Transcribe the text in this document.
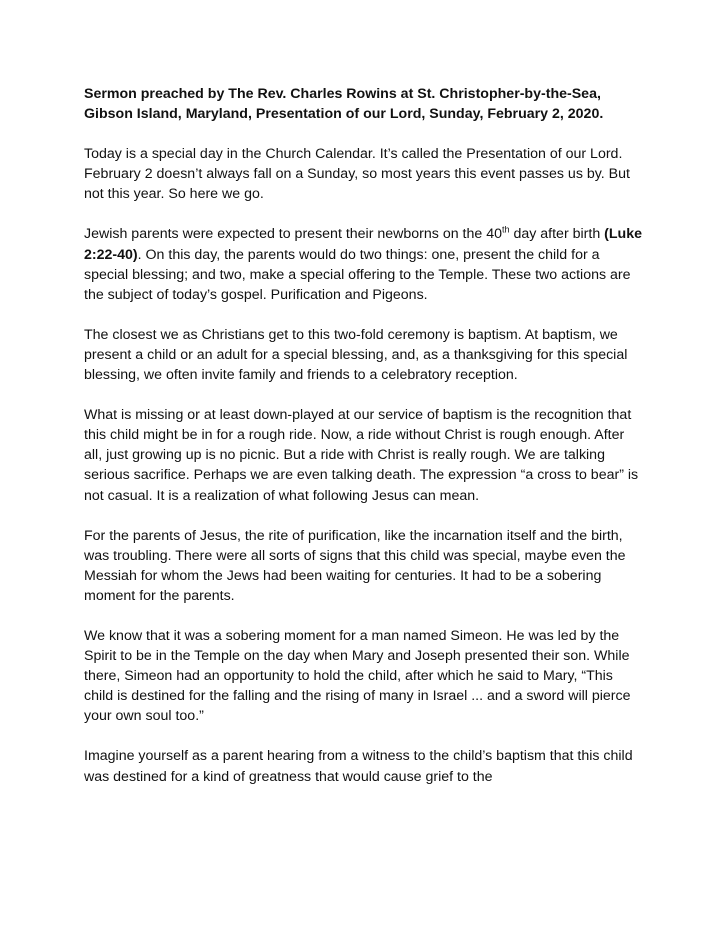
Sermon preached by The Rev. Charles Rowins at St. Christopher-by-the-Sea,
Gibson Island, Maryland, Presentation of our Lord, Sunday, February 2, 2020.

Today is a special day in the Church Calendar. It’s called the Presentation of our Lord. February 2 doesn’t always fall on a Sunday, so most years this event passes us by. But not this year. So here we go.

Jewish parents were expected to present their newborns on the 40th day after birth (Luke 2:22-40). On this day, the parents would do two things: one, present the child for a special blessing; and two, make a special offering to the Temple. These two actions are the subject of today’s gospel. Purification and Pigeons.

The closest we as Christians get to this two-fold ceremony is baptism. At baptism, we present a child or an adult for a special blessing, and, as a thanksgiving for this special blessing, we often invite family and friends to a celebratory reception.

What is missing or at least down-played at our service of baptism is the recognition that this child might be in for a rough ride. Now, a ride without Christ is rough enough. After all, just growing up is no picnic. But a ride with Christ is really rough. We are talking serious sacrifice. Perhaps we are even talking death. The expression “a cross to bear” is not casual. It is a realization of what following Jesus can mean.

For the parents of Jesus, the rite of purification, like the incarnation itself and the birth, was troubling. There were all sorts of signs that this child was special, maybe even the Messiah for whom the Jews had been waiting for centuries. It had to be a sobering moment for the parents.

We know that it was a sobering moment for a man named Simeon. He was led by the Spirit to be in the Temple on the day when Mary and Joseph presented their son. While there, Simeon had an opportunity to hold the child, after which he said to Mary, “This child is destined for the falling and the rising of many in Israel ... and a sword will pierce your own soul too.”

Imagine yourself as a parent hearing from a witness to the child’s baptism that this child was destined for a kind of greatness that would cause grief to the
